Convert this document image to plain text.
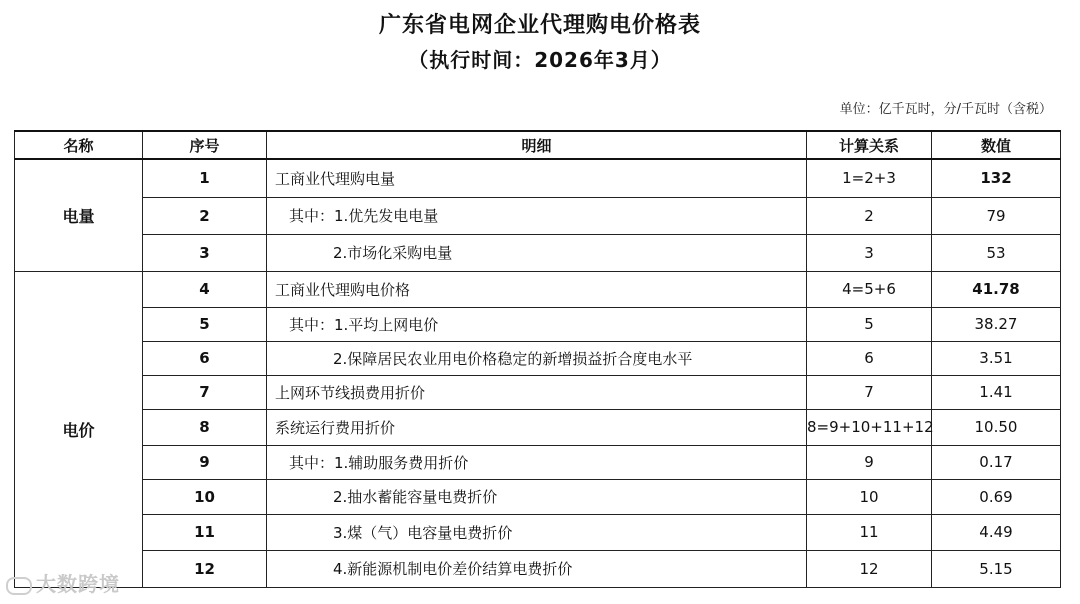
广东省电网企业代理购电价格表
（执行时间：2026年3月）
单位：亿千瓦时，分/千瓦时（含税）
名称	序号	明细	计算关系	数值
电量	1	工商业代理购电量	1=2+3	132
	2	其中：1.优先发电电量	2	79
	3	2.市场化采购电量	3	53
电价	4	工商业代理购电价格	4=5+6	41.78
	5	其中：1.平均上网电价	5	38.27
	6	2.保障居民农业用电价格稳定的新增损益折合度电水平	6	3.51
	7	上网环节线损费用折价	7	1.41
	8	系统运行费用折价	8=9+10+11+12	10.50
	9	其中：1.辅助服务费用折价	9	0.17
	10	2.抽水蓄能容量电费折价	10	0.69
	11	3.煤（气）电容量电费折价	11	4.49
	12	4.新能源机制电价差价结算电费折价	12	5.15
大数跨境
